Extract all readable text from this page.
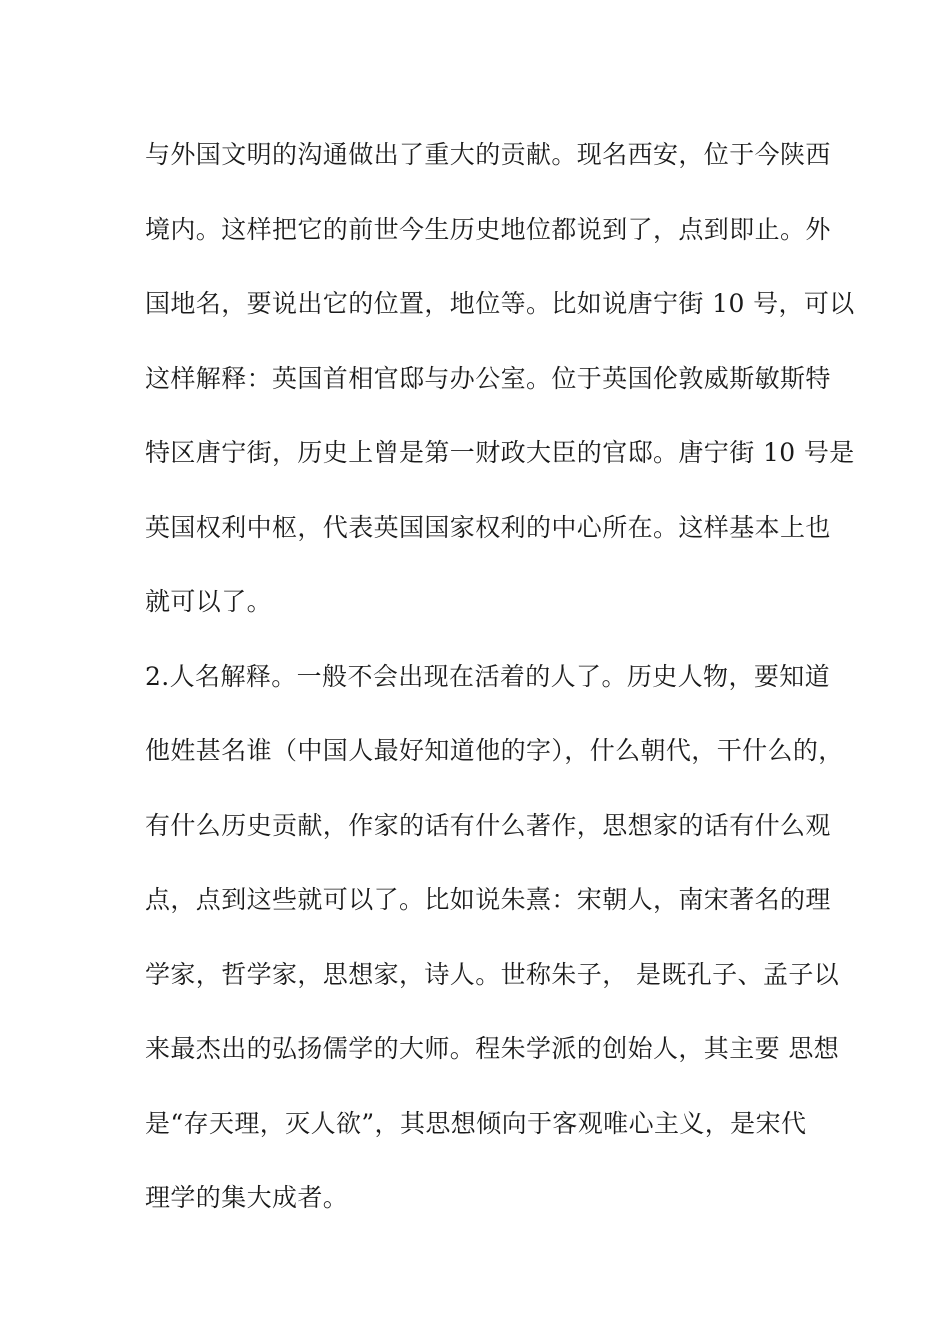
与外国文明的沟通做出了重大的贡献。现名西安，位于今陕西
境内。这样把它的前世今生历史地位都说到了，点到即止。外
国地名，要说出它的位置，地位等。比如说唐宁街 10 号，可以
这样解释：英国首相官邸与办公室。位于英国伦敦威斯敏斯特
特区唐宁街，历史上曾是第一财政大臣的官邸。唐宁街 10 号是
英国权利中枢，代表英国国家权利的中心所在。这样基本上也
就可以了。
2.人名解释。一般不会出现在活着的人了。历史人物，要知道
他姓甚名谁（中国人最好知道他的字），什么朝代，干什么的，
有什么历史贡献，作家的话有什么著作，思想家的话有什么观
点，点到这些就可以了。比如说朱熹：宋朝人，南宋著名的理
学家，哲学家，思想家，诗人。世称朱子， 是既孔子、孟子以
来最杰出的弘扬儒学的大师。程朱学派的创始人，其主要 思想
是“存天理，灭人欲”，其思想倾向于客观唯心主义，是宋代
理学的集大成者。
